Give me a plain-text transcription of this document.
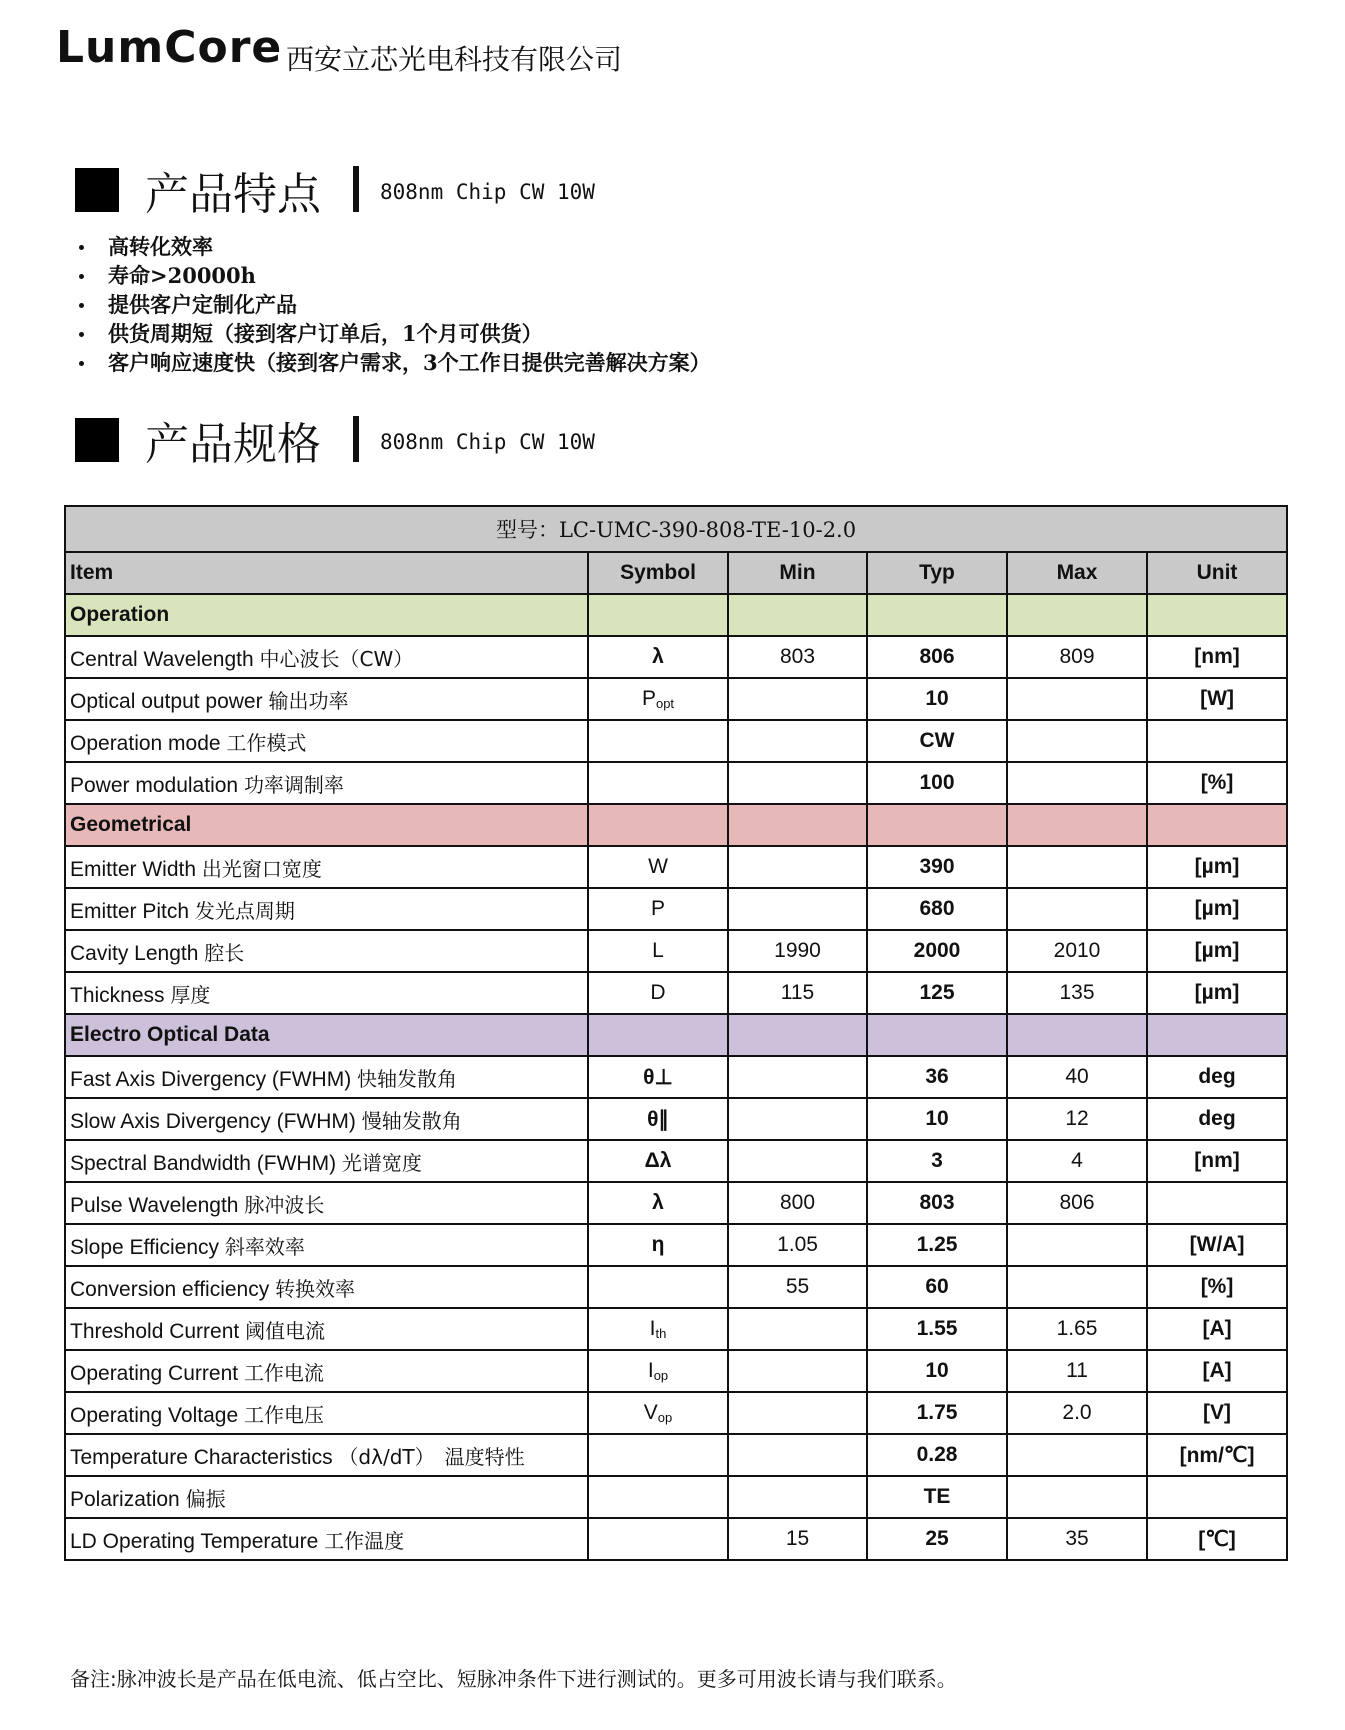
LumCore 西安立芯光电科技有限公司
产品特点	808nm Chip CW 10W
高转化效率
寿命>20000h
提供客户定制化产品
供货周期短（接到客户订单后，1个月可供货）
客户响应速度快（接到客户需求，3个工作日提供完善解决方案）
产品规格	808nm Chip CW 10W
型号：LC-UMC-390-808-TE-10-2.0					
Item	Symbol	Min	Typ	Max	Unit
Operation					
Central Wavelength 中心波长（CW）	λ	803	806	809	[nm]
Optical output power 输出功率	$P_{opt}$		10		[W]
Operation mode 工作模式			CW		
Power modulation 功率调制率			100		[%]
Geometrical					
Emitter Width 出光窗口宽度	W		390		[µm]
Emitter Pitch 发光点周期	P		680		[µm]
Cavity Length 腔长	L	1990	2000	2010	[µm]
Thickness 厚度	D	115	125	135	[µm]
Electro Optical Data					
Fast Axis Divergency (FWHM) 快轴发散角	θ⊥		36	40	deg
Slow Axis Divergency (FWHM) 慢轴发散角	θ∥		10	12	deg
Spectral Bandwidth (FWHM) 光谱宽度	Δλ		3	4	[nm]
Pulse Wavelength 脉冲波长	λ	800	803	806	
Slope Efficiency 斜率效率	η	1.05	1.25		[W/A]
Conversion efficiency 转换效率		55	60		[%]
Threshold Current 阈值电流	$I_{th}$		1.55	1.65	[A]
Operating Current 工作电流	$I_{op}$		10	11	[A]
Operating Voltage 工作电压	$V_{op}$		1.75	2.0	[V]
Temperature Characteristics （dλ/dT）　温度特性			0.28		[nm/℃]
Polarization 偏振			TE		
LD Operating Temperature 工作温度		15	25	35	[℃]
备注:脉冲波长是产品在低电流、低占空比、短脉冲条件下进行测试的。更多可用波长请与我们联系。
